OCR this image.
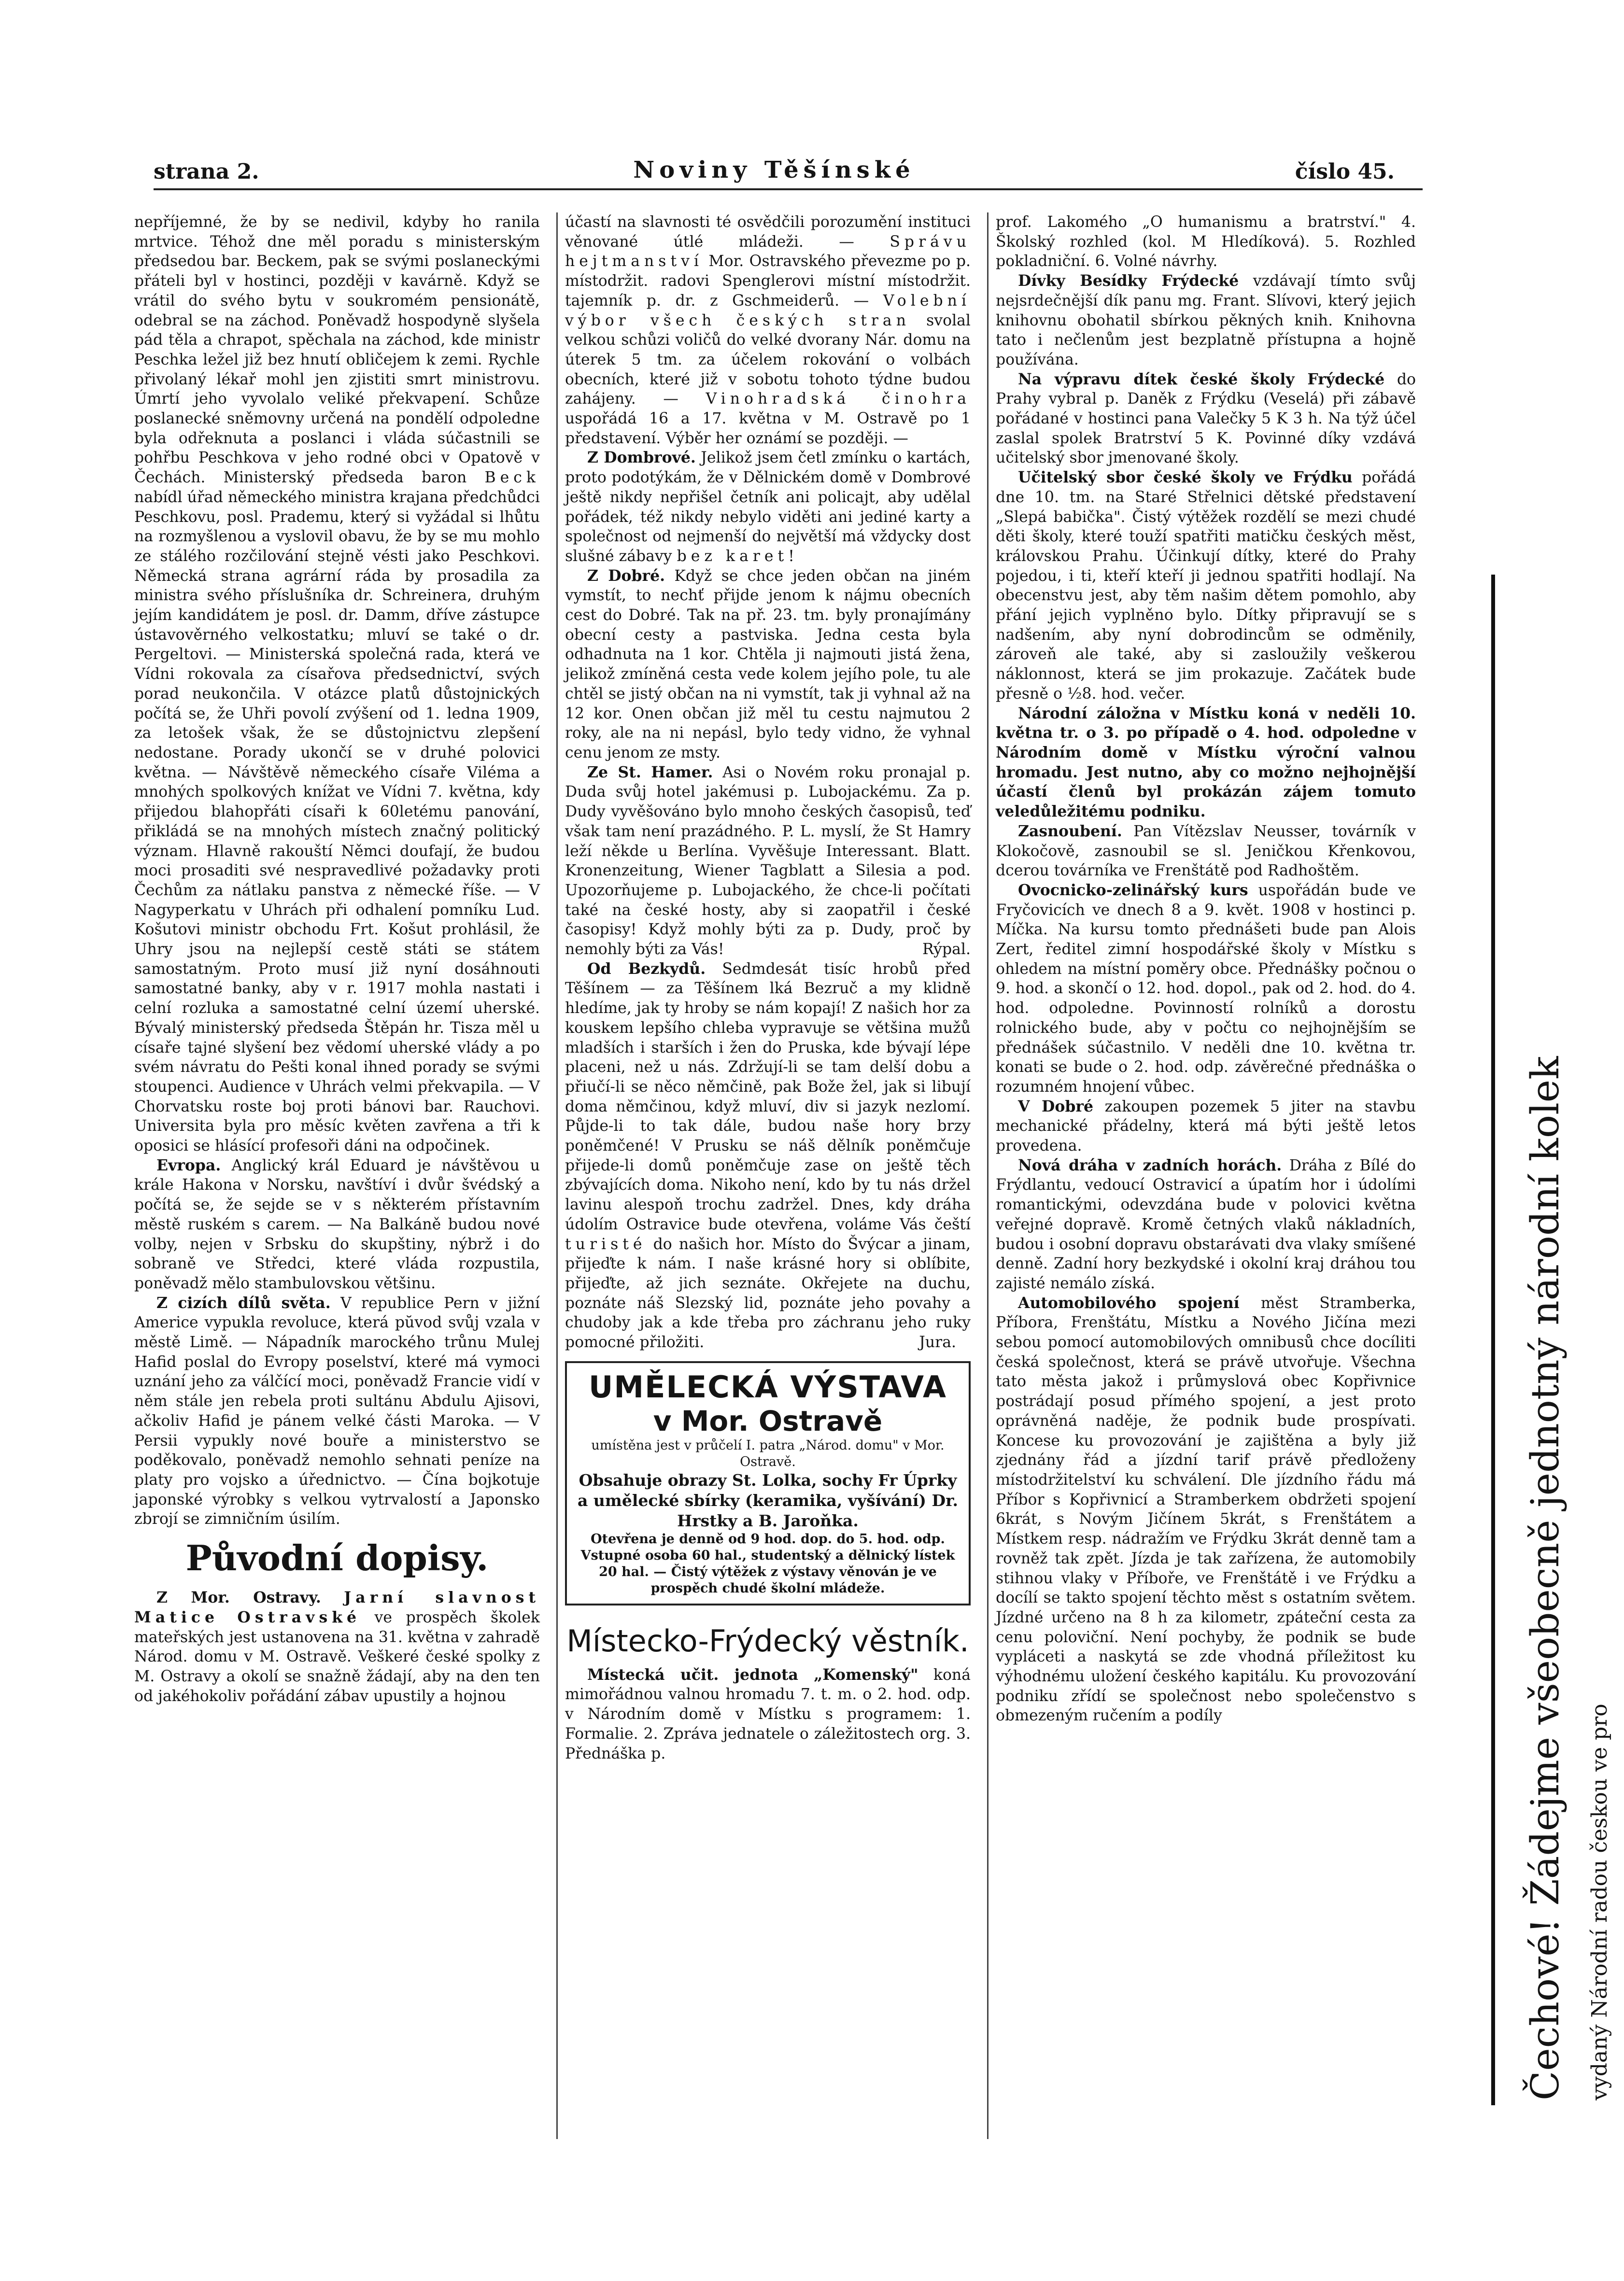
strana 2.	Noviny Těšínské	číslo 45.

nepříjemné, že by se nedivil, kdyby ho ranila mrtvice. Téhož dne měl poradu s ministerským předsedou bar. Beckem, pak se svými poslaneckými přáteli byl v hostinci, později v kavárně. Když se vrátil do svého bytu v soukromém pensionátě, odebral se na záchod. Poněvadž hospodyně slyšela pád těla a chrapot, spěchala na záchod, kde ministr Peschka ležel již bez hnutí obličejem k zemi. Rychle přivolaný lékař mohl jen zjistiti smrt ministrovu. Úmrtí jeho vyvolalo veliké překvapení. Schůze poslanecké sněmovny určená na pondělí odpoledne byla odřeknuta a poslanci i vláda súčastnili se pohřbu Peschkova v jeho rodné obci v Opatově v Čechách. Ministerský předseda baron Beck nabídl úřad německého ministra krajana předchůdci Peschkovu, posl. Prademu, který si vyžádal si lhůtu na rozmyšlenou a vyslovil obavu, že by se mu mohlo ze stálého rozčilování stejně vésti jako Peschkovi. Německá strana agrární ráda by prosadila za ministra svého příslušníka dr. Schreinera, druhým jejím kandidátem je posl. dr. Damm, dříve zástupce ústavověrného velkostatku; mluví se také o dr. Pergeltovi. — Ministerská společná rada, která ve Vídni rokovala za císařova předsednictví, svých porad neukončila. V otázce platů důstojnických počítá se, že Uhři povolí zvýšení od 1. ledna 1909, za letošek však, že se důstojnictvu zlepšení nedostane. Porady ukončí se v druhé polovici května. — Návštěvě německého císaře Viléma a mnohých spolkových knížat ve Vídni 7. května, kdy přijedou blahopřáti císaři k 60letému panování, přikládá se na mnohých místech značný politický význam. Hlavně rakouští Němci doufají, že budou moci prosaditi své nespravedlivé požadavky proti Čechům za nátlaku panstva z německé říše. — V Nagyperkatu v Uhrách při odhalení pomníku Lud. Košutovi ministr obchodu Frt. Košut prohlásil, že Uhry jsou na nejlepší cestě státi se státem samostatným. Proto musí již nyní dosáhnouti samostatné banky, aby v r. 1917 mohla nastati i celní rozluka a samostatné celní území uherské. Bývalý ministerský předseda Štěpán hr. Tisza měl u císaře tajné slyšení bez vědomí uherské vlády a po svém návratu do Pešti konal ihned porady se svými stoupenci. Audience v Uhrách velmi překvapila. — V Chorvatsku roste boj proti bánovi bar. Rauchovi. Universita byla pro měsíc květen zavřena a tři k oposici se hlásící profesoři dáni na odpočinek.

Evropa. Anglický král Eduard je návštěvou u krále Hakona v Norsku, navštíví i dvůr švédský a počítá se, že sejde se v s některém přístavním městě ruském s carem. — Na Balkáně budou nové volby, nejen v Srbsku do skupštiny, nýbrž i do sobraně ve Středci, které vláda rozpustila, poněvadž mělo stambulovskou většinu.

Z cizích dílů světa. V republice Pern v jižní Americe vypukla revoluce, která pŭvod svůj vzala v městě Limě. — Nápadník marockého trůnu Mulej Hafid poslal do Evropy poselství, které má vymoci uznání jeho za válčící moci, poněvadž Francie vidí v něm stále jen rebela proti sultánu Abdulu Ajisovi, ačkoliv Hafid je pánem velké části Maroka. — V Persii vypukly nové bouře a ministerstvo se poděkovalo, poněvadž nemohlo sehnati peníze na platy pro vojsko a úřednictvo. — Čína bojkotuje japonské výrobky s velkou vytrvalostí a Japonsko zbrojí se zimničním úsilím.

Původní dopisy.

Z Mor. Ostravy. Jarní slavnost Matice Ostravské ve prospěch školek mateřských jest ustanovena na 31. května v zahradě Národ. domu v M. Ostravě. Veškeré české spolky z M. Ostravy a okolí se snažně žádají, aby na den ten od jakéhokoliv pořádání zábav upustily a hojnou

účastí na slavnosti té osvědčili porozumění instituci věnované útlé mládeži. — Správu hejtmanství Mor. Ostravského převezme po p. místodržit. radovi Spenglerovi místní místodržit. tajemník p. dr. z Gschmeiderů. — Volební výbor všech českých stran svolal velkou schůzi voličů do velké dvorany Nár. domu na úterek 5 tm. za účelem rokování o volbách obecních, které již v sobotu tohoto týdne budou zahájeny. — Vinohradská činohra uspořádá 16 a 17. května v M. Ostravě po 1 představení. Výběr her oznámí se později. —

Z Dombrové. Jelikož jsem četl zmínku o kartách, proto podotýkám, že v Dělnickém domě v Dombrové ještě nikdy nepřišel četník ani policajt, aby udělal pořádek, též nikdy nebylo viděti ani jediné karty a společnost od nejmenší do největší má vždycky dost slušné zábavy bez karet!

Z Dobré. Když se chce jeden občan na jiném vymstít, to nechť přijde jenom k nájmu obecních cest do Dobré. Tak na př. 23. tm. byly pronajímány obecní cesty a pastviska. Jedna cesta byla odhadnuta na 1 kor. Chtěla ji najmouti jistá žena, jelikož zmíněná cesta vede kolem jejího pole, tu ale chtěl se jistý občan na ni vymstít, tak ji vyhnal až na 12 kor. Onen občan již měl tu cestu najmutou 2 roky, ale na ni nepásl, bylo tedy vidno, že vyhnal cenu jenom ze msty.

Ze St. Hamer. Asi o Novém roku pronajal p. Duda svůj hotel jakémusi p. Lubojackému. Za p. Dudy vyvěšováno bylo mnoho českých časopisů, teď však tam není prazádného. P. L. myslí, že St Hamry leží někde u Berlína. Vyvěšuje Interessant. Blatt. Kronenzeitung, Wiener Tagblatt a Silesia a pod. Upozorňujeme p. Lubojackého, že chce-li počítati také na české hosty, aby si zaopatřil i české časopisy! Když mohly býti za p. Dudy, proč by nemohly býti za Vás!	Rýpal.

Od Bezkydů. Sedmdesát tisíc hrobů před Těšínem — za Těšínem lká Bezruč a my klidně hledíme, jak ty hroby se nám kopají! Z našich hor za kouskem lepšího chleba vypravuje se většina mužů mladších i starších i žen do Pruska, kde bývají lépe placeni, než u nás. Zdržují-li se tam delší dobu a přiučí-li se něco němčině, pak Bože žel, jak si libují doma němčinou, když mluví, div si jazyk nezlomí. Půjde-li to tak dále, budou naše hory brzy poněmčené! V Prusku se náš dělník poněmčuje přijede-li domů poněmčuje zase on ještě těch zbývajících doma. Nikoho není, kdo by tu nás držel lavinu alespoň trochu zadržel. Dnes, kdy dráha údolím Ostravice bude otevřena, voláme Vás čeští turisté do našich hor. Místo do Švýcar a jinam, přijeďte k nám. I naše krásné hory si oblíbite, přijeďte, až jich seznáte. Okřejete na duchu, poznáte náš Slezský lid, poznáte jeho povahy a chudoby jak a kde třeba pro záchranu jeho ruky pomocné přiložiti.	Jura.

UMĚLECKÁ VÝSTAVA
v Mor. Ostravě
umístěna jest v průčelí I. patra „Národ. domu" v Mor. Ostravě.
Obsahuje obrazy St. Lolka, sochy Fr Úprky a umělecké sbírky (keramika, vyšívání) Dr. Hrstky a B. Jaroňka.
Otevřena je denně od 9 hod. dop. do 5. hod. odp. Vstupné osoba 60 hal., studentský a dělnický lístek 20 hal. — Čistý výtěžek z výstavy věnován je ve prospěch chudé školní mládeže.
Místecko-Frýdecký věstník.

Místecká učit. jednota „Komenský" koná mimořádnou valnou hromadu 7. t. m. o 2. hod. odp. v Národním domě v Místku s programem: 1. Formalie. 2. Zpráva jednatele o záležitostech org. 3. Přednáška p.

prof. Lakomého „O humanismu a bratrství." 4. Školský rozhled (kol. M Hledíková). 5. Rozhled pokladniční. 6. Volné návrhy.

Dívky Besídky Frýdecké vzdávají tímto svůj nejsrdečnější dík panu mg. Frant. Slívovi, který jejich knihovnu obohatil sbírkou pěkných knih. Knihovna tato i nečlenům jest bezplatně přístupna a hojně používána.

Na výpravu dítek české školy Frýdecké do Prahy vybral p. Daněk z Frýdku (Veselá) při zábavě pořádané v hostinci pana Valečky 5 K 3 h. Na týž účel zaslal spolek Bratrství 5 K. Povinné díky vzdává učitelský sbor jmenované školy.

Učitelský sbor české školy ve Frýdku pořádá dne 10. tm. na Staré Střelnici dětské představení „Slepá babička". Čistý výtěžek rozdělí se mezi chudé děti školy, které touží spatřiti matičku českých měst, královskou Prahu. Účinkují dítky, které do Prahy pojedou, i ti, kteří kteří ji jednou spatřiti hodlají. Na obecenstvu jest, aby těm našim dětem pomohlo, aby přání jejich vyplněno bylo. Dítky připravují se s nadšením, aby nyní dobrodincům se odměnily, zároveň ale také, aby si zasloužily veškerou náklonnost, která se jim prokazuje. Začátek bude přesně o ½8. hod. večer.

Národní záložna v Místku koná v neděli 10. května tr. o 3. po případě o 4. hod. odpoledne v Národním domě v Místku výroční valnou hromadu. Jest nutno, aby co možno nejhojnější účastí členů byl prokázán zájem tomuto veledůležitému podniku.

Zasnoubení. Pan Vítězslav Neusser, továrník v Klokočově, zasnoubil se sl. Jeničkou Křenkovou, dcerou továrníka ve Frenštátě pod Radhoštěm.

Ovocnicko-zelinářský kurs uspořádán bude ve Fryčovicích ve dnech 8 a 9. květ. 1908 v hostinci p. Míčka. Na kursu tomto přednášeti bude pan Alois Zert, ředitel zimní hospodářské školy v Místku s ohledem na místní poměry obce. Přednášky počnou o 9. hod. a skončí o 12. hod. dopol., pak od 2. hod. do 4. hod. odpoledne. Povinností rolníků a dorostu rolnického bude, aby v počtu co nejhojnějším se přednášek súčastnilo. V neděli dne 10. května tr. konati se bude o 2. hod. odp. závěrečné přednáška o rozumném hnojení vůbec.

V Dobré zakoupen pozemek 5 jiter na stavbu mechanické přádelny, která má býti ještě letos provedena.

Nová dráha v zadních horách. Dráha z Bílé do Frýdlantu, vedoucí Ostravicí a úpatím hor i údolími romantickými, odevzdána bude v polovici května veřejné dopravě. Kromě četných vlaků nákladních, budou i osobní dopravu obstarávati dva vlaky smíšené denně. Zadní hory bezkydské i okolní kraj dráhou tou zajisté nemálo získá.

Automobilového spojení měst Stramberka, Příbora, Frenštátu, Místku a Nového Jičína mezi sebou pomocí automobilových omnibusů chce docíliti česká společnost, která se právě utvořuje. Všechna tato města jakož i průmyslová obec Kopřivnice postrádají posud přímého spojení, a jest proto oprávněná naděje, že podnik bude prospívati. Koncese ku provozování je zajištěna a byly již zjednány řád a jízdní tarif právě předloženy místodržitelství ku schválení. Dle jízdního řádu má Příbor s Kopřivnicí a Stramberkem obdržeti spojení 6krát, s Novým Jičínem 5krát, s Frenštátem a Místkem resp. nádražím ve Frýdku 3krát denně tam a rovněž tak zpět. Jízda je tak zařízena, že automobily stihnou vlaky v Příboře, ve Frenštátě i ve Frýdku a docílí se takto spojení těchto měst s ostatním světem. Jízdné určeno na 8 h za kilometr, zpáteční cesta za cenu poloviční. Není pochyby, že podnik se bude vypláceti a naskytá se zde vhodná příležitost ku výhodnému uložení českého kapitálu. Ku provozování podniku zřídí se společnost nebo společenstvo s obmezeným ručením a podíly	Čechové! Žádejme všeobecně jednotný národní kolek vydaný Národní radou českou ve pro
